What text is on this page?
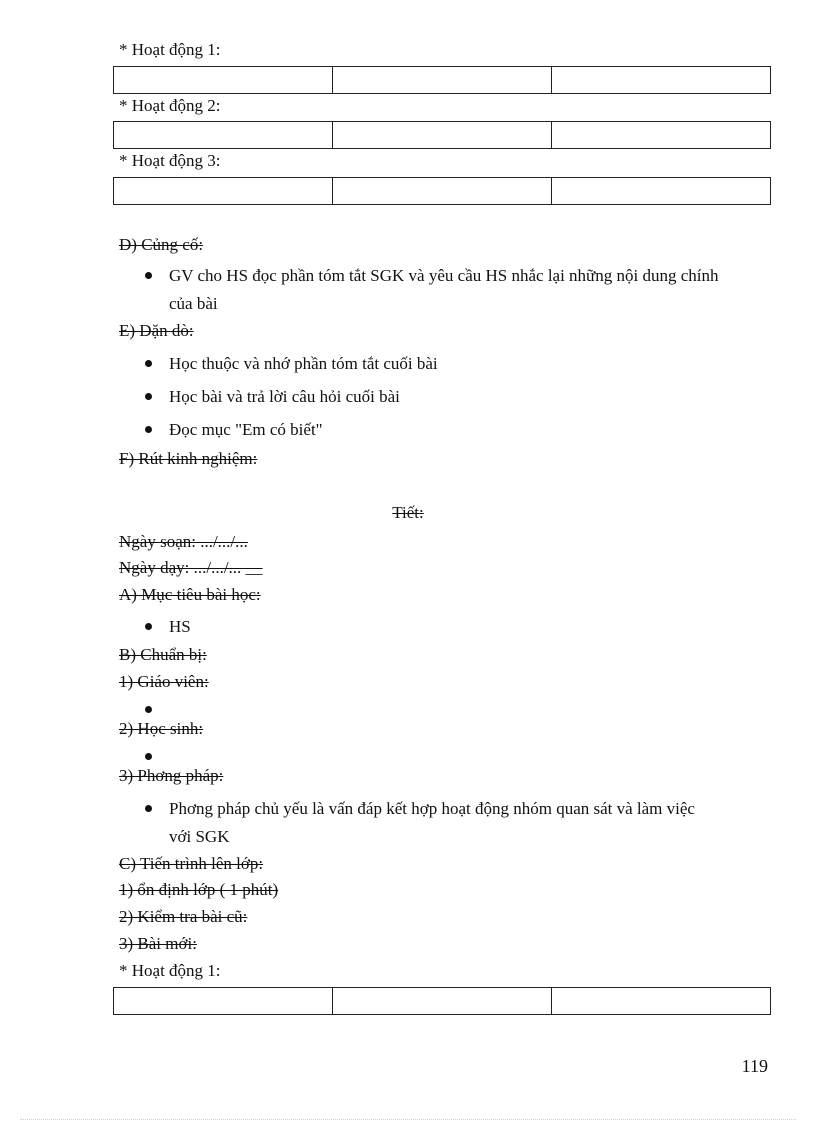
* Hoạt động 1:

* Hoạt động 2:

* Hoạt động 3:

D) Củng cố:
GV cho HS đọc phần tóm tắt SGK và yêu cầu HS nhắc lại những nội dung chính
của bài
E) Dặn dò:
Học thuộc và nhớ phần tóm tắt cuối bài
Học bài và trả lời câu hỏi cuối bài
Đọc mục "Em có biết"
F) Rút kinh nghiệm:
Tiết:
Ngày soạn: .../.../...
Ngày dạy: .../.../... __
A) Mục tiêu bài học:
HS
B) Chuẩn bị:
1) Giáo viên:
2) Học sinh:
3) Phơng pháp:
Phơng pháp chủ yếu là vấn đáp kết hợp hoạt động nhóm quan sát và làm việc
với SGK
C) Tiến trình lên lớp:
1) ổn định lớp ( 1 phút)
2) Kiểm tra bài cũ:
3) Bài mới:
* Hoạt động 1:

119
